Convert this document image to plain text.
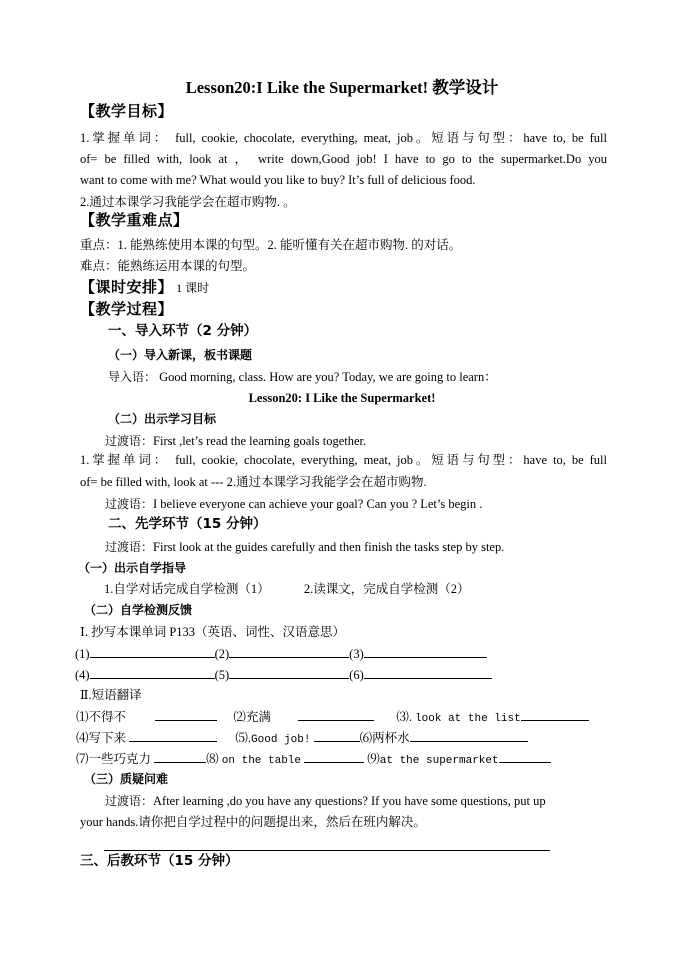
Lesson20:I Like the Supermarket! 教学设计
【教学目标】
1.掌握单词： full, cookie, chocolate, everything, meat, job。短语与句型：have to, be full
of= be filled with, look at ， write down,Good job! I have to go to the supermarket.Do you
want to come with me? What would you like to buy? It’s full of delicious food.
2.通过本课学习我能学会在超市购物. 。
【教学重难点】
重点：1. 能熟练使用本课的句型。2. 能听懂有关在超市购物. 的对话。
难点：能熟练运用本课的句型。
【课时安排】 1 课时
【教学过程】
一、导入环节（2 分钟）
（一）导入新课，板书课题
导入语： Good morning, class. How are you? Today, we are going to learn：
Lesson20: I Like the Supermarket!
（二）出示学习目标
过渡语：First ,let’s read the learning goals together.
1.掌握单词： full, cookie, chocolate, everything, meat, job。短语与句型：have to, be full
of= be filled with, look at --- 2.通过本课学习我能学会在超市购物.
过渡语：I believe everyone can achieve your goal? Can you ? Let’s begin .
二、先学环节（15 分钟）
过渡语：First look at the guides carefully and then finish the tasks step by step.
（一）出示自学指导
1.自学对话完成自学检测（1）	2.读课文，完成自学检测（2）
（二）自学检测反馈
Ⅰ. 抄写本课单词 P133（英语、词性、汉语意思）
(1)	(2)	(3)
(4)	(5)	(6)
Ⅱ.短语翻译
⑴不得不	⑵充满	⑶. look at the list
⑷写下来	⑸.Good job!	⑹两杯水
⑺一些巧克力	⑻ on the table	⑼at the supermarket
（三）质疑问难
过渡语：After learning ,do you have any questions? If you have some questions, put up
your hands.请你把自学过程中的问题提出来，然后在班内解决。
三、后教环节（15 分钟）
